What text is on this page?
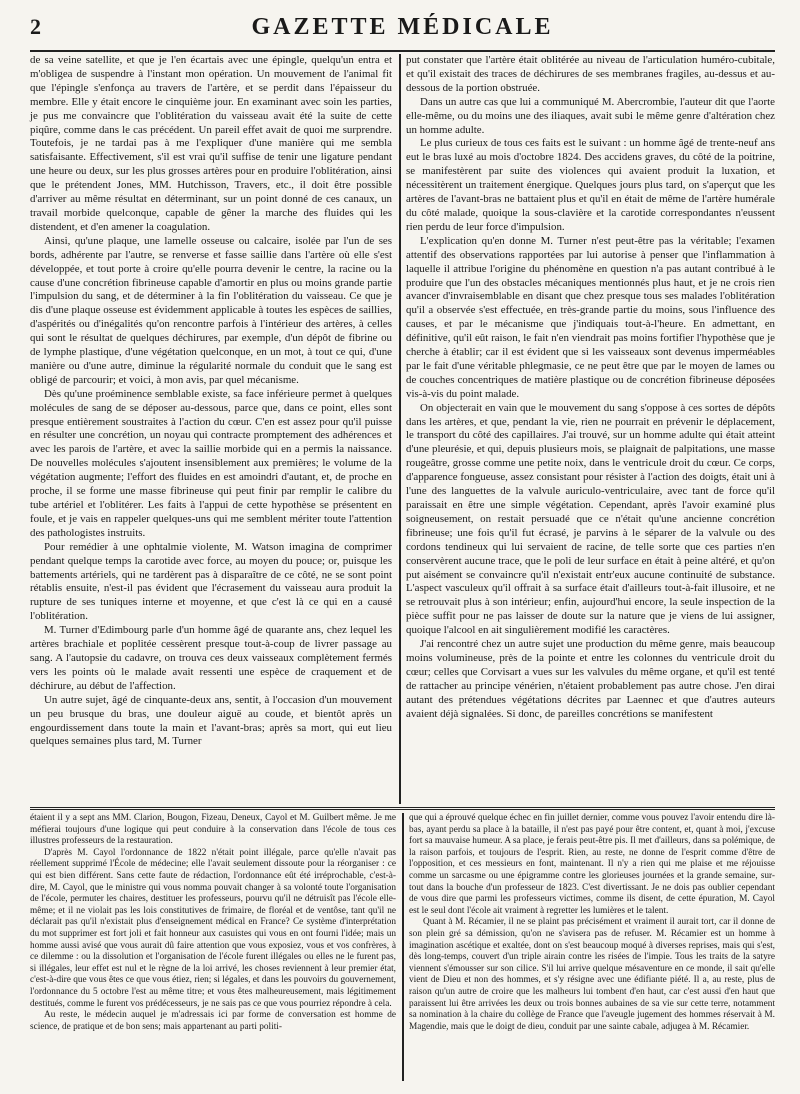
2	GAZETTE MÉDICALE

de sa veine satellite, et que je l'en écartais avec une épingle, quelqu'un entra et m'obligea de suspendre à l'instant mon opération. Un mouvement de l'animal fit que l'épingle s'enfonça au travers de l'artère, et se perdit dans l'épaisseur du membre. Elle y était encore le cinquième jour. En examinant avec soin les parties, je pus me convaincre que l'oblitération du vaisseau avait été la suite de cette piqûre, comme dans le cas précédent. Un pareil effet avait de quoi me surprendre. Toutefois, je ne tardai pas à me l'expliquer d'une manière qui me sembla satisfaisante. Effectivement, s'il est vrai qu'il suffise de tenir une ligature pendant une heure ou deux, sur les plus grosses artères pour en produire l'oblitération, ainsi que le prétendent Jones, MM. Hutchisson, Travers, etc., il doit être possible d'arriver au même résultat en déterminant, sur un point donné de ces canaux, un travail morbide quelconque, capable de gêner la marche des fluides qui les distendent, et d'en amener la coagulation.

Ainsi, qu'une plaque, une lamelle osseuse ou calcaire, isolée par l'un de ses bords, adhérente par l'autre, se renverse et fasse saillie dans l'artère où elle s'est développée, et tout porte à croire qu'elle pourra devenir le centre, la racine ou la cause d'une concrétion fibrineuse capable d'amortir en plus ou moins grande partie l'impulsion du sang, et de déterminer à la fin l'oblitération du vaisseau. Ce que je dis d'une plaque osseuse est évidemment applicable à toutes les espèces de saillies, d'aspérités ou d'inégalités qu'on rencontre parfois à l'intérieur des artères, à celles qui sont le résultat de quelques déchirures, par exemple, d'un dépôt de fibrine ou de lymphe plastique, d'une végétation quelconque, en un mot, à tout ce qui, d'une manière ou d'une autre, diminue la régularité normale du conduit que le sang est obligé de parcourir; et voici, à mon avis, par quel mécanisme.

Dès qu'une proéminence semblable existe, sa face inférieure permet à quelques molécules de sang de se déposer au-dessous, parce que, dans ce point, elles sont presque entièrement soustraites à l'action du cœur. C'en est assez pour qu'il puisse en résulter une concrétion, un noyau qui contracte promptement des adhérences et avec les parois de l'artère, et avec la saillie morbide qui en a permis la naissance. De nouvelles molécules s'ajoutent insensiblement aux premières; le volume de la végétation augmente; l'effort des fluides en est amoindri d'autant, et, de proche en proche, il se forme une masse fibrineuse qui peut finir par remplir le calibre du tube artériel et l'oblitérer. Les faits à l'appui de cette hypothèse se présentent en foule, et je vais en rappeler quelques-uns qui me semblent mériter toute l'attention des pathologistes instruits.

Pour remédier à une ophtalmie violente, M. Watson imagina de comprimer pendant quelque temps la carotide avec force, au moyen du pouce; or, puisque les battements artériels, qui ne tardèrent pas à disparaître de ce côté, ne se sont point rétablis ensuite, n'est-il pas évident que l'écrasement du vaisseau aura produit la rupture de ses tuniques interne et moyenne, et que c'est là ce qui en a causé l'oblitération.

M. Turner d'Edimbourg parle d'un homme âgé de quarante ans, chez lequel les artères brachiale et poplitée cessèrent presque tout-à-coup de livrer passage au sang. A l'autopsie du cadavre, on trouva ces deux vaisseaux complètement fermés vers les points où le malade avait ressenti une espèce de craquement et de déchirure, au début de l'affection.

Un autre sujet, âgé de cinquante-deux ans, sentit, à l'occasion d'un mouvement un peu brusque du bras, une douleur aiguë au coude, et bientôt après un engourdissement dans toute la main et l'avant-bras; après sa mort, qui eut lieu quelques semaines plus tard, M. Turner

put constater que l'artère était oblitérée au niveau de l'articulation huméro-cubitale, et qu'il existait des traces de déchirures de ses membranes fragiles, au-dessus et au-dessous de la portion obstruée.

Dans un autre cas que lui a communiqué M. Abercrombie, l'auteur dit que l'aorte elle-même, ou du moins une des iliaques, avait subi le même genre d'altération chez un homme adulte.

Le plus curieux de tous ces faits est le suivant : un homme âgé de trente-neuf ans eut le bras luxé au mois d'octobre 1824. Des accidens graves, du côté de la poitrine, se manifestèrent par suite des violences qui avaient produit la luxation, et nécessitèrent un traitement énergique. Quelques jours plus tard, on s'aperçut que les artères de l'avant-bras ne battaient plus et qu'il en était de même de l'artère humérale du côté malade, quoique la sous-clavière et la carotide correspondantes n'eussent rien perdu de leur force d'impulsion.

L'explication qu'en donne M. Turner n'est peut-être pas la véritable; l'examen attentif des observations rapportées par lui autorise à penser que l'inflammation à laquelle il attribue l'origine du phénomène en question n'a pas autant contribué à le produire que l'un des obstacles mécaniques mentionnés plus haut, et je ne crois rien avancer d'invraisemblable en disant que chez presque tous ses malades l'oblitération qu'il a observée s'est effectuée, en très-grande partie du moins, sous l'influence des causes, et par le mécanisme que j'indiquais tout-à-l'heure. En admettant, en définitive, qu'il eût raison, le fait n'en viendrait pas moins fortifier l'hypothèse que je cherche à établir; car il est évident que si les vaisseaux sont devenus imperméables par le fait d'une véritable phlegmasie, ce ne peut être que par le moyen de lames ou de couches concentriques de matière plastique ou de concrétion fibrineuse déposées vis-à-vis du point malade.

On objecterait en vain que le mouvement du sang s'oppose à ces sortes de dépôts dans les artères, et que, pendant la vie, rien ne pourrait en prévenir le déplacement, le transport du côté des capillaires. J'ai trouvé, sur un homme adulte qui était atteint d'une pleurésie, et qui, depuis plusieurs mois, se plaignait de palpitations, une masse rougeâtre, grosse comme une petite noix, dans le ventricule droit du cœur. Ce corps, d'apparence fongueuse, assez consistant pour résister à l'action des doigts, était uni à l'une des languettes de la valvule auriculo-ventriculaire, avec tant de force qu'il paraissait en être une simple végétation. Cependant, après l'avoir examiné plus soigneusement, on restait persuadé que ce n'était qu'une ancienne concrétion fibrineuse; une fois qu'il fut écrasé, je parvins à le séparer de la valvule ou des cordons tendineux qui lui servaient de racine, de telle sorte que ces parties n'en conservèrent aucune trace, que le poli de leur surface en était à peine altéré, et qu'on put aisément se convaincre qu'il n'existait entr'eux aucune continuité de substance. L'aspect vasculeux qu'il offrait à sa surface était d'ailleurs tout-à-fait illusoire, et ne se retrouvait plus à son intérieur; enfin, aujourd'hui encore, la seule inspection de la pièce suffit pour ne pas laisser de doute sur la nature que je viens de lui assigner, quoique l'alcool en ait singulièrement modifié les caractères.

J'ai rencontré chez un autre sujet une production du même genre, mais beaucoup moins volumineuse, près de la pointe et entre les colonnes du ventricule droit du cœur; celles que Corvisart a vues sur les valvules du même organe, et qu'il est tenté de rattacher au principe vénérien, n'étaient probablement pas autre chose. J'en dirai autant des prétendues végétations décrites par Laennec et que d'autres auteurs avaient déjà signalées. Si donc, de pareilles concrétions se manifestent

étaient il y a sept ans MM. Clarion, Bougon, Fizeau, Deneux, Cayol et M. Guilbert même. Je me méfierai toujours d'une logique qui peut conduire à la conservation dans l'école de tous ces illustres professeurs de la restauration.

D'après M. Cayol l'ordonnance de 1822 n'était point illégale, parce qu'elle n'avait pas réellement supprimé l'École de médecine; elle l'avait seulement dissoute pour la réorganiser : ce qui est bien différent. Sans cette faute de rédaction, l'ordonnance eût été irréprochable, c'est-à-dire, M. Cayol, que le ministre qui vous nomma pouvait changer à sa volonté toute l'organisation de l'école, permuter les chaires, destituer les professeurs, pourvu qu'il ne détruisît pas l'école elle-même; et il ne violait pas les lois constitutives de frimaire, de floréal et de ventôse, tant qu'il ne déclarait pas qu'il n'existait plus d'enseignement médical en France? Ce système d'interprétation du mot supprimer est fort joli et fait honneur aux casuistes qui vous en ont fourni l'idée; mais un homme aussi avisé que vous aurait dû faire attention que vous exposiez, vous et vos confrères, à ce dilemme : ou la dissolution et l'organisation de l'école furent illégales ou elles ne le furent pas, si illégales, leur effet est nul et le règne de la loi arrivé, les choses reviennent à leur premier état, c'est-à-dire que vous êtes ce que vous étiez, rien; si légales, et dans les pouvoirs du gouvernement, l'ordonnance du 5 octobre l'est au même titre; et vous êtes malheureusement, mais légitimement destitués, comme le furent vos prédécesseurs, je ne sais pas ce que vous pourriez répondre à cela.

Au reste, le médecin auquel je m'adressais ici par forme de conversation est homme de science, de pratique et de bon sens; mais appartenant au parti politi-

que qui a éprouvé quelque échec en fin juillet dernier, comme vous pouvez l'avoir entendu dire là-bas, ayant perdu sa place à la bataille, il n'est pas payé pour être content, et, quant à moi, j'excuse fort sa mauvaise humeur. A sa place, je ferais peut-être pis. Il met d'ailleurs, dans sa polémique, de la raison parfois, et toujours de l'esprit. Rien, au reste, ne donne de l'esprit comme d'être de l'opposition, et ces messieurs en font, maintenant. Il n'y a rien qui me plaise et me réjouisse comme un sarcasme ou une épigramme contre les glorieuses journées et la grande semaine, sur-tout dans la bouche d'un professeur de 1823. C'est divertissant. Je ne dois pas oublier cependant de vous dire que parmi les professeurs victimes, comme ils disent, de cette épuration, M. Cayol est le seul dont l'école ait vraiment à regretter les lumières et le talent.

Quant à M. Récamier, il ne se plaint pas précisément et vraiment il aurait tort, car il donne de son plein gré sa démission, qu'on ne s'avisera pas de refuser. M. Récamier est un homme à imagination ascétique et exaltée, dont on s'est beaucoup moqué à diverses reprises, mais qui s'est, dès long-temps, couvert d'un triple airain contre les risées de l'impie. Tous les traits de la satyre viennent s'émousser sur son cilice. S'il lui arrive quelque mésaventure en ce monde, il sait qu'elle vient de Dieu et non des hommes, et s'y résigne avec une édifiante piété. Il a, au reste, plus de raison qu'un autre de croire que les malheurs lui tombent d'en haut, car c'est aussi d'en haut que paraissent lui être arrivées les deux ou trois bonnes aubaines de sa vie sur cette terre, notamment sa nomination à la chaire du collège de France que l'aveugle jugement des hommes réservait à M. Magendie, mais que le doigt de dieu, conduit par une sainte cabale, adjugea à M. Récamier.
